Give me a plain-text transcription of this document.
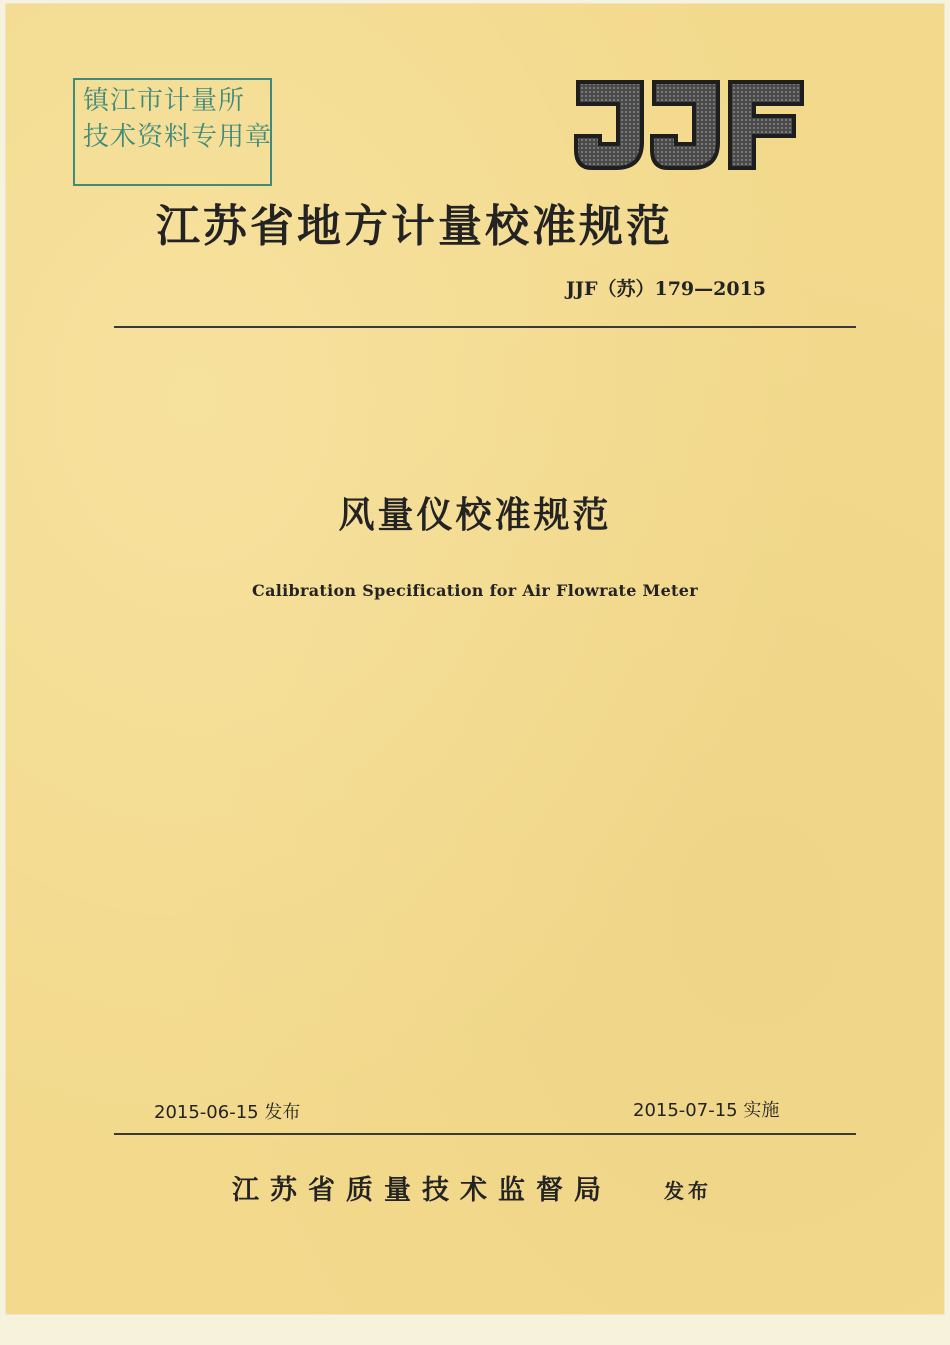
镇江市计量所
技术资料专用章
JJF
江苏省地方计量校准规范
JJF（苏）179—2015
风量仪校准规范
Calibration Specification for Air Flowrate Meter
2015-06-15 发布	2015-07-15 实施
江苏省质量技术监督局	发布
